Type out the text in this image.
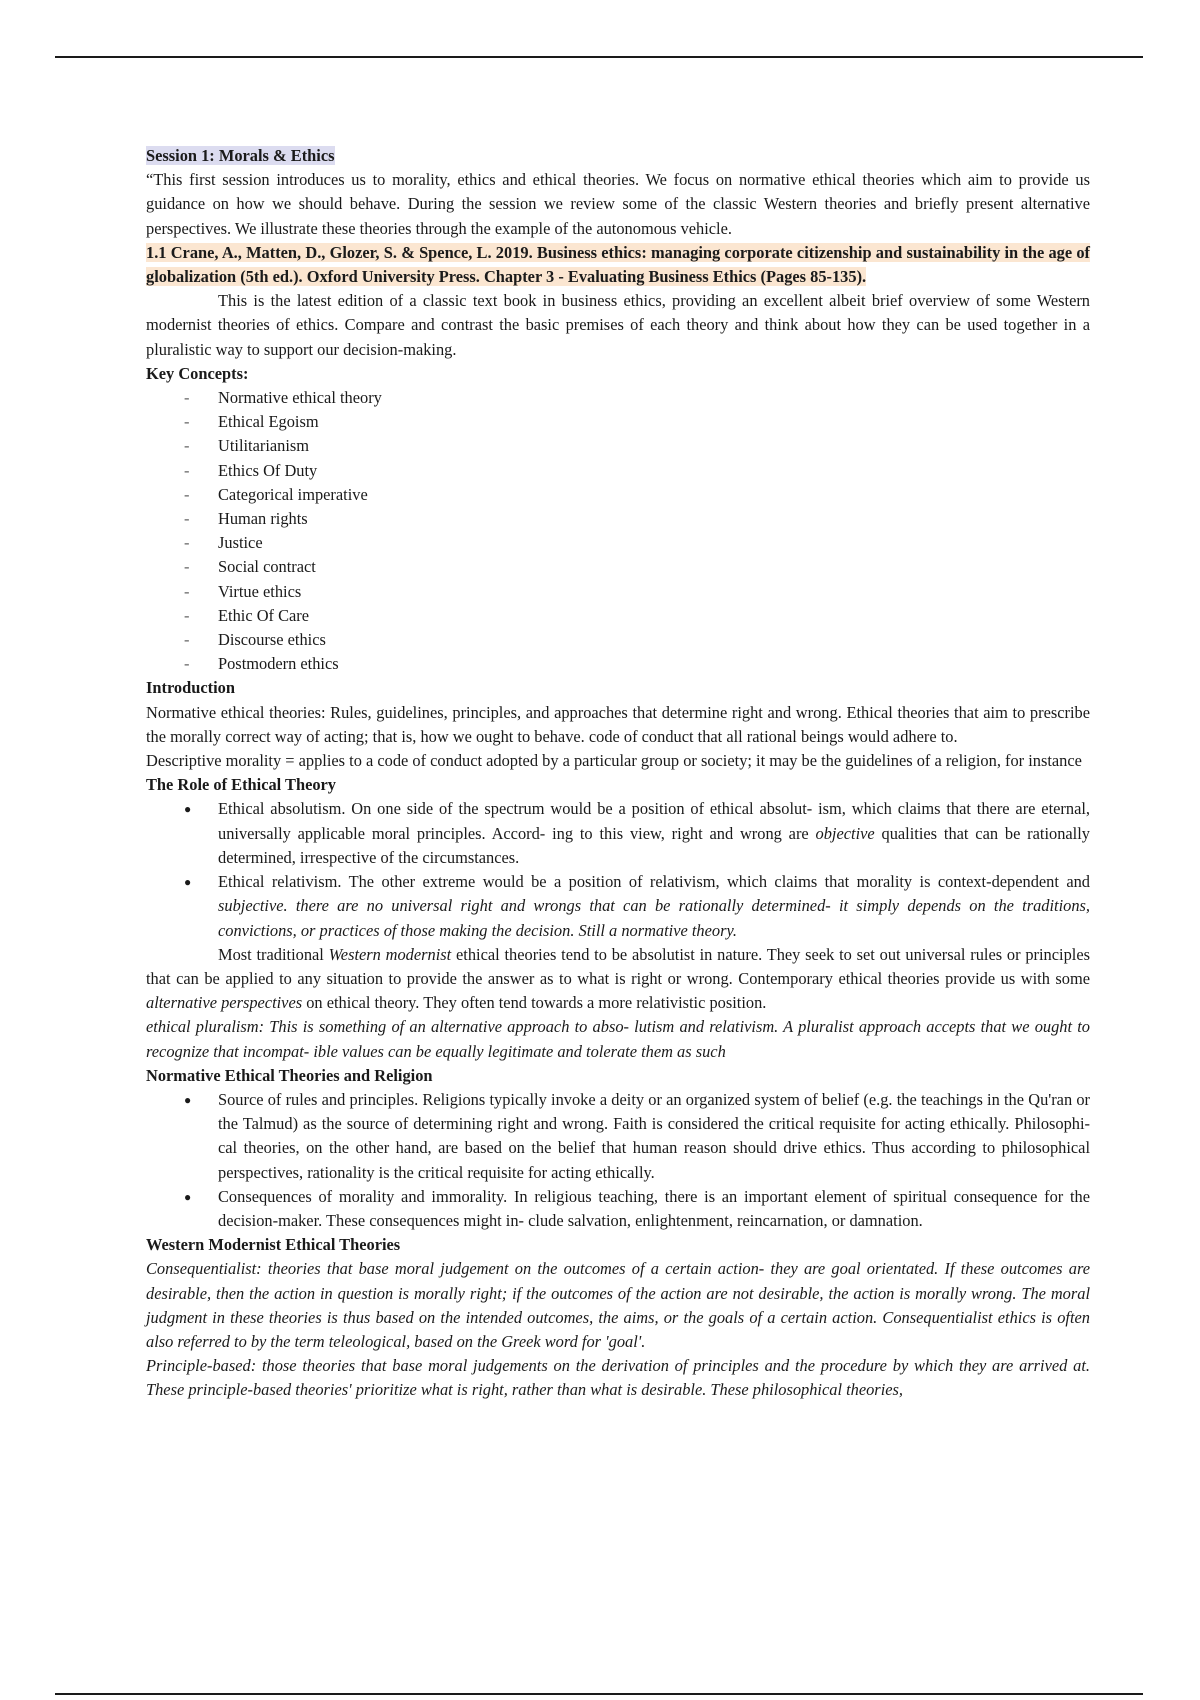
Session 1: Morals & Ethics

“This first session introduces us to morality, ethics and ethical theories. We focus on normative ethical theories which aim to provide us guidance on how we should behave. During the session we review some of the classic Western theories and briefly present alternative perspectives. We illustrate these theories through the example of the autonomous vehicle.

1.1 Crane, A., Matten, D., Glozer, S. & Spence, L. 2019. Business ethics: managing corporate citizenship and sustainability in the age of globalization (5th ed.). Oxford University Press. Chapter 3 - Evaluating Business Ethics (Pages 85-135).

This is the latest edition of a classic text book in business ethics, providing an excellent albeit brief overview of some Western modernist theories of ethics. Compare and contrast the basic premises of each theory and think about how they can be used together in a pluralistic way to support our decision-making.

Key Concepts:

- Normative ethical theory
- Ethical Egoism
- Utilitarianism
- Ethics Of Duty
- Categorical imperative
- Human rights
- Justice
- Social contract
- Virtue ethics
- Ethic Of Care
- Discourse ethics
- Postmodern ethics

Introduction

Normative ethical theories: Rules, guidelines, principles, and approaches that determine right and wrong. Ethical theories that aim to prescribe the morally correct way of acting; that is, how we ought to behave. code of conduct that all rational beings would adhere to.

Descriptive morality = applies to a code of conduct adopted by a particular group or society; it may be the guidelines of a religion, for instance

The Role of Ethical Theory

● Ethical absolutism. On one side of the spectrum would be a position of ethical absolut- ism, which claims that there are eternal, universally applicable moral principles. Accord- ing to this view, right and wrong are objective qualities that can be rationally determined, irrespective of the circumstances.
● Ethical relativism. The other extreme would be a position of relativism, which claims that morality is context-dependent and subjective. there are no universal right and wrongs that can be rationally determined- it simply depends on the traditions, convictions, or practices of those making the decision. Still a normative theory.

Most traditional Western modernist ethical theories tend to be absolutist in nature. They seek to set out universal rules or principles that can be applied to any situation to provide the answer as to what is right or wrong. Contemporary ethical theories provide us with some alternative perspectives on ethical theory. They often tend towards a more relativistic position.

ethical pluralism: This is something of an alternative approach to abso- lutism and relativism. A pluralist approach accepts that we ought to recognize that incompat- ible values can be equally legitimate and tolerate them as such

Normative Ethical Theories and Religion

● Source of rules and principles. Religions typically invoke a deity or an organized system of belief (e.g. the teachings in the Qu'ran or the Talmud) as the source of determining right and wrong. Faith is considered the critical requisite for acting ethically. Philosophi- cal theories, on the other hand, are based on the belief that human reason should drive ethics. Thus according to philosophical perspectives, rationality is the critical requisite for acting ethically.
● Consequences of morality and immorality. In religious teaching, there is an important element of spiritual consequence for the decision-maker. These consequences might in- clude salvation, enlightenment, reincarnation, or damnation.

Western Modernist Ethical Theories

Consequentialist: theories that base moral judgement on the outcomes of a certain action- they are goal orientated. If these outcomes are desirable, then the action in question is morally right; if the outcomes of the action are not desirable, the action is morally wrong. The moral judgment in these theories is thus based on the intended outcomes, the aims, or the goals of a certain action. Consequentialist ethics is often also referred to by the term teleological, based on the Greek word for 'goal'.

Principle-based: those theories that base moral judgements on the derivation of principles and the procedure by which they are arrived at. These principle-based theories' prioritize what is right, rather than what is desirable. These philosophical theories,
